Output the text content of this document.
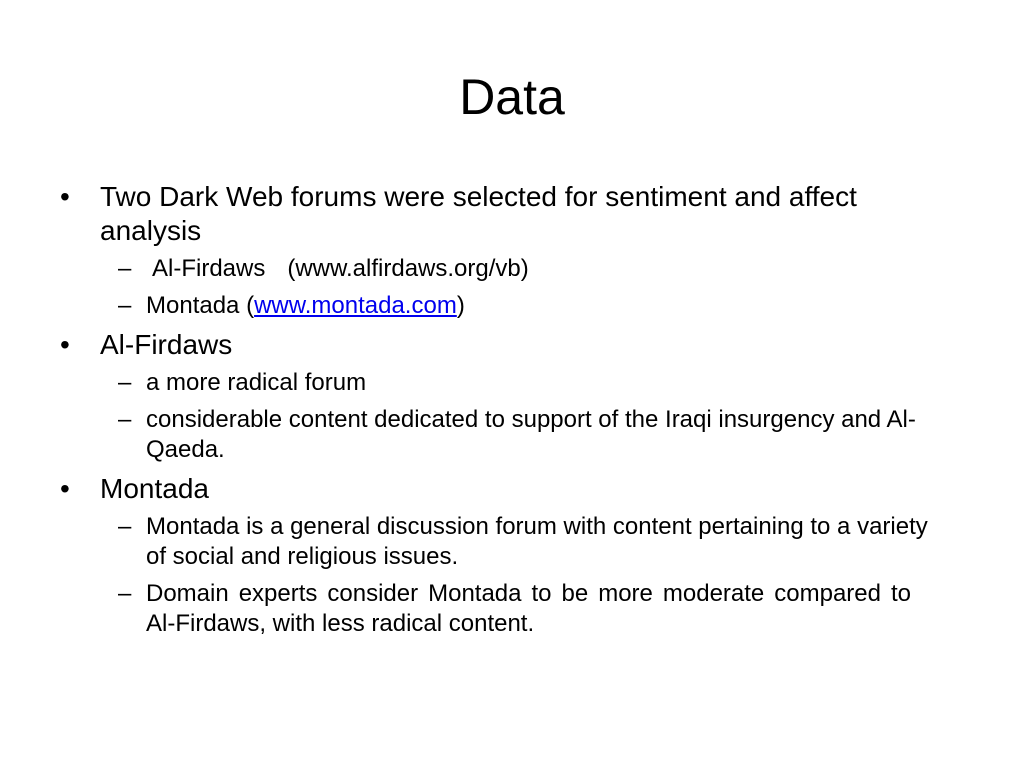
Data
•	Two Dark Web forums were selected for sentiment and affect analysis
– Al-Firdaws (www.alfirdaws.org/vb)
– Montada (www.montada.com)
•	Al-Firdaws
– a more radical forum
– considerable content dedicated to support of the Iraqi insurgency and Al-Qaeda.
•	Montada
– Montada is a general discussion forum with content pertaining to a variety of social and religious issues.
– Domain experts consider Montada to be more moderate compared to Al-Firdaws, with less radical content.
